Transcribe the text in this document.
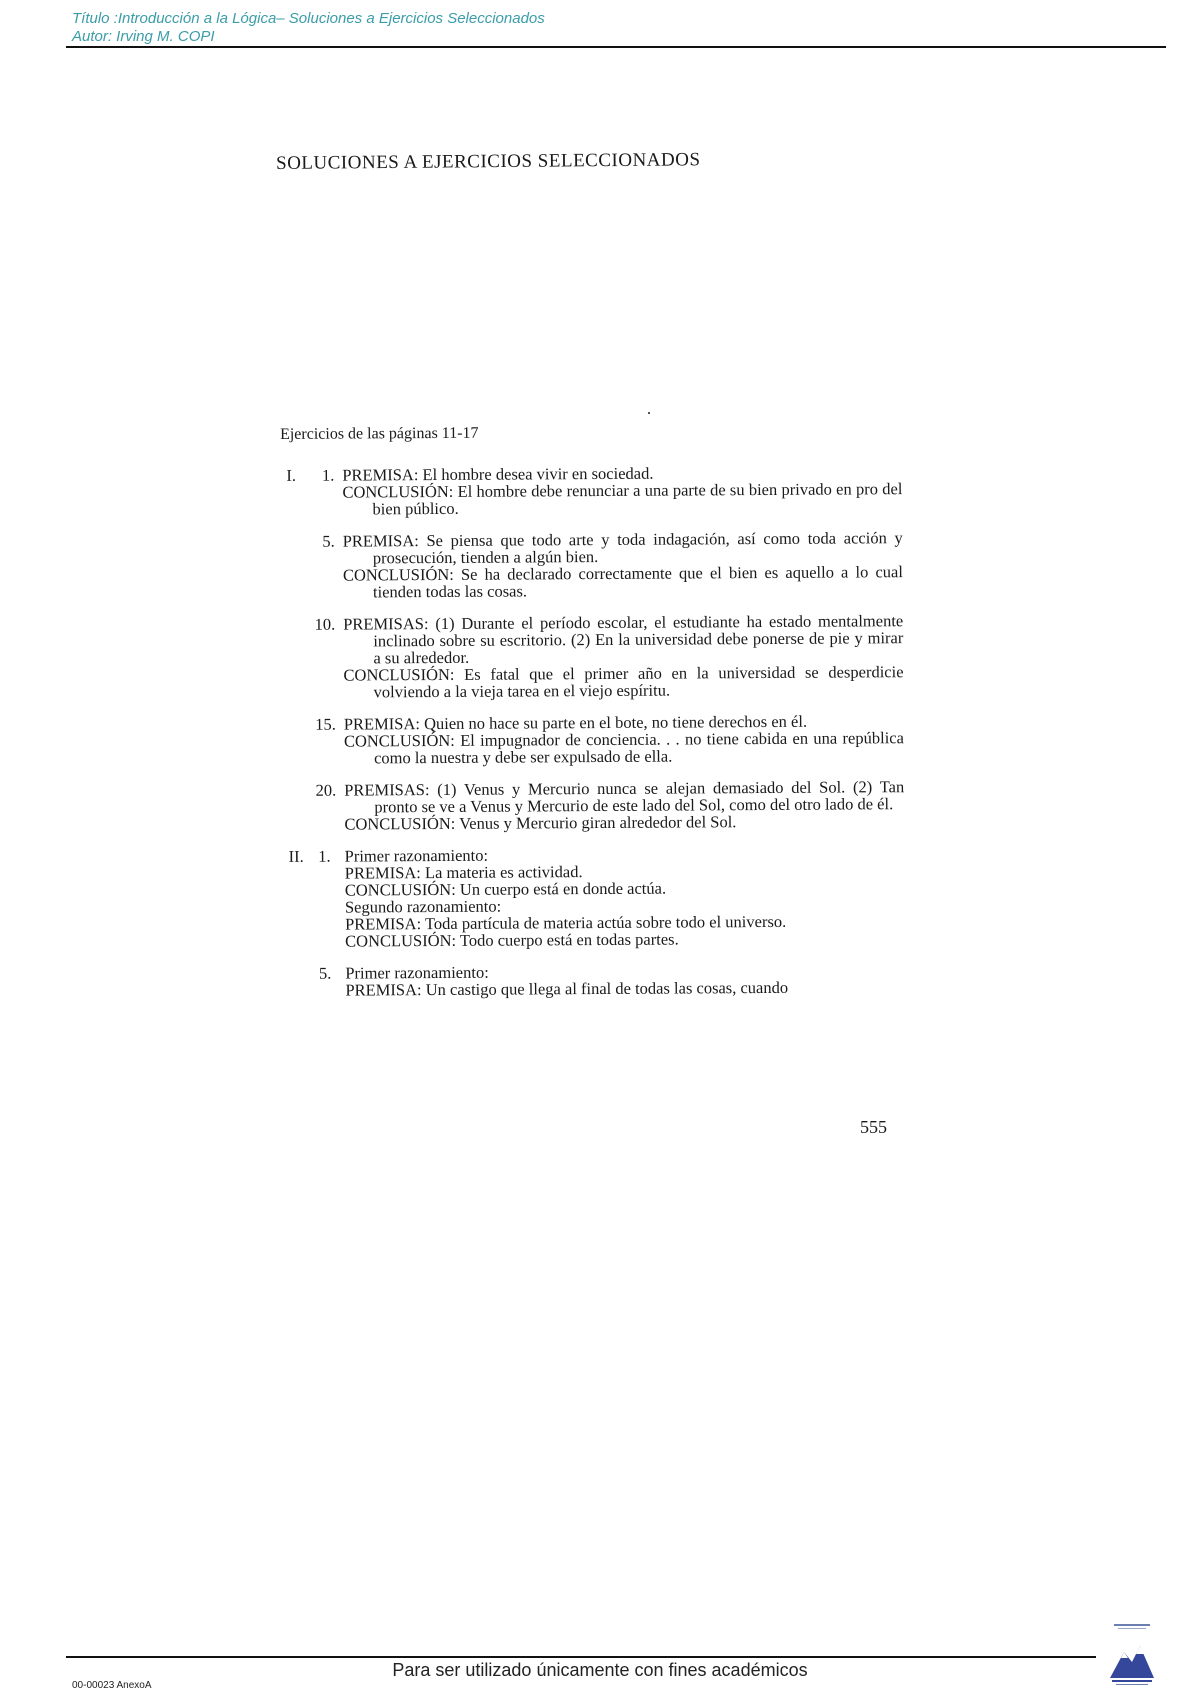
Título :Introducción a la Lógica– Soluciones a Ejercicios Seleccionados
Autor: Irving M. COPI
SOLUCIONES A EJERCICIOS SELECCIONADOS
Ejercicios de las páginas 11-17
I.	1. PREMISA: El hombre desea vivir en sociedad.

CONCLUSIÓN: El hombre debe renunciar a una parte de su bien privado en pro del bien público.

5. PREMISA: Se piensa que todo arte y toda indagación, así como toda acción y prosecución, tienden a algún bien.

CONCLUSIÓN: Se ha declarado correctamente que el bien es aquello a lo cual tienden todas las cosas.

10. PREMISAS: (1) Durante el período escolar, el estudiante ha estado mentalmente inclinado sobre su escritorio. (2) En la universidad debe ponerse de pie y mirar a su alrededor.

CONCLUSIÓN: Es fatal que el primer año en la universidad se desperdicie volviendo a la vieja tarea en el viejo espíritu.

15. PREMISA: Quien no hace su parte en el bote, no tiene derechos en él.

CONCLUSIÓN: El impugnador de conciencia. . . no tiene cabida en una república como la nuestra y debe ser expulsado de ella.

20. PREMISAS: (1) Venus y Mercurio nunca se alejan demasiado del Sol. (2) Tan pronto se ve a Venus y Mercurio de este lado del Sol, como del otro lado de él.

CONCLUSIÓN: Venus y Mercurio giran alrededor del Sol.

II. 1. Primer razonamiento:

PREMISA: La materia es actividad.

CONCLUSIÓN: Un cuerpo está en donde actúa.

Segundo razonamiento:

PREMISA: Toda partícula de materia actúa sobre todo el universo.

CONCLUSIÓN: Todo cuerpo está en todas partes.

5. Primer razonamiento:

PREMISA: Un castigo que llega al final de todas las cosas, cuando

555
Para ser utilizado únicamente con fines académicos
00-00023 AnexoA
